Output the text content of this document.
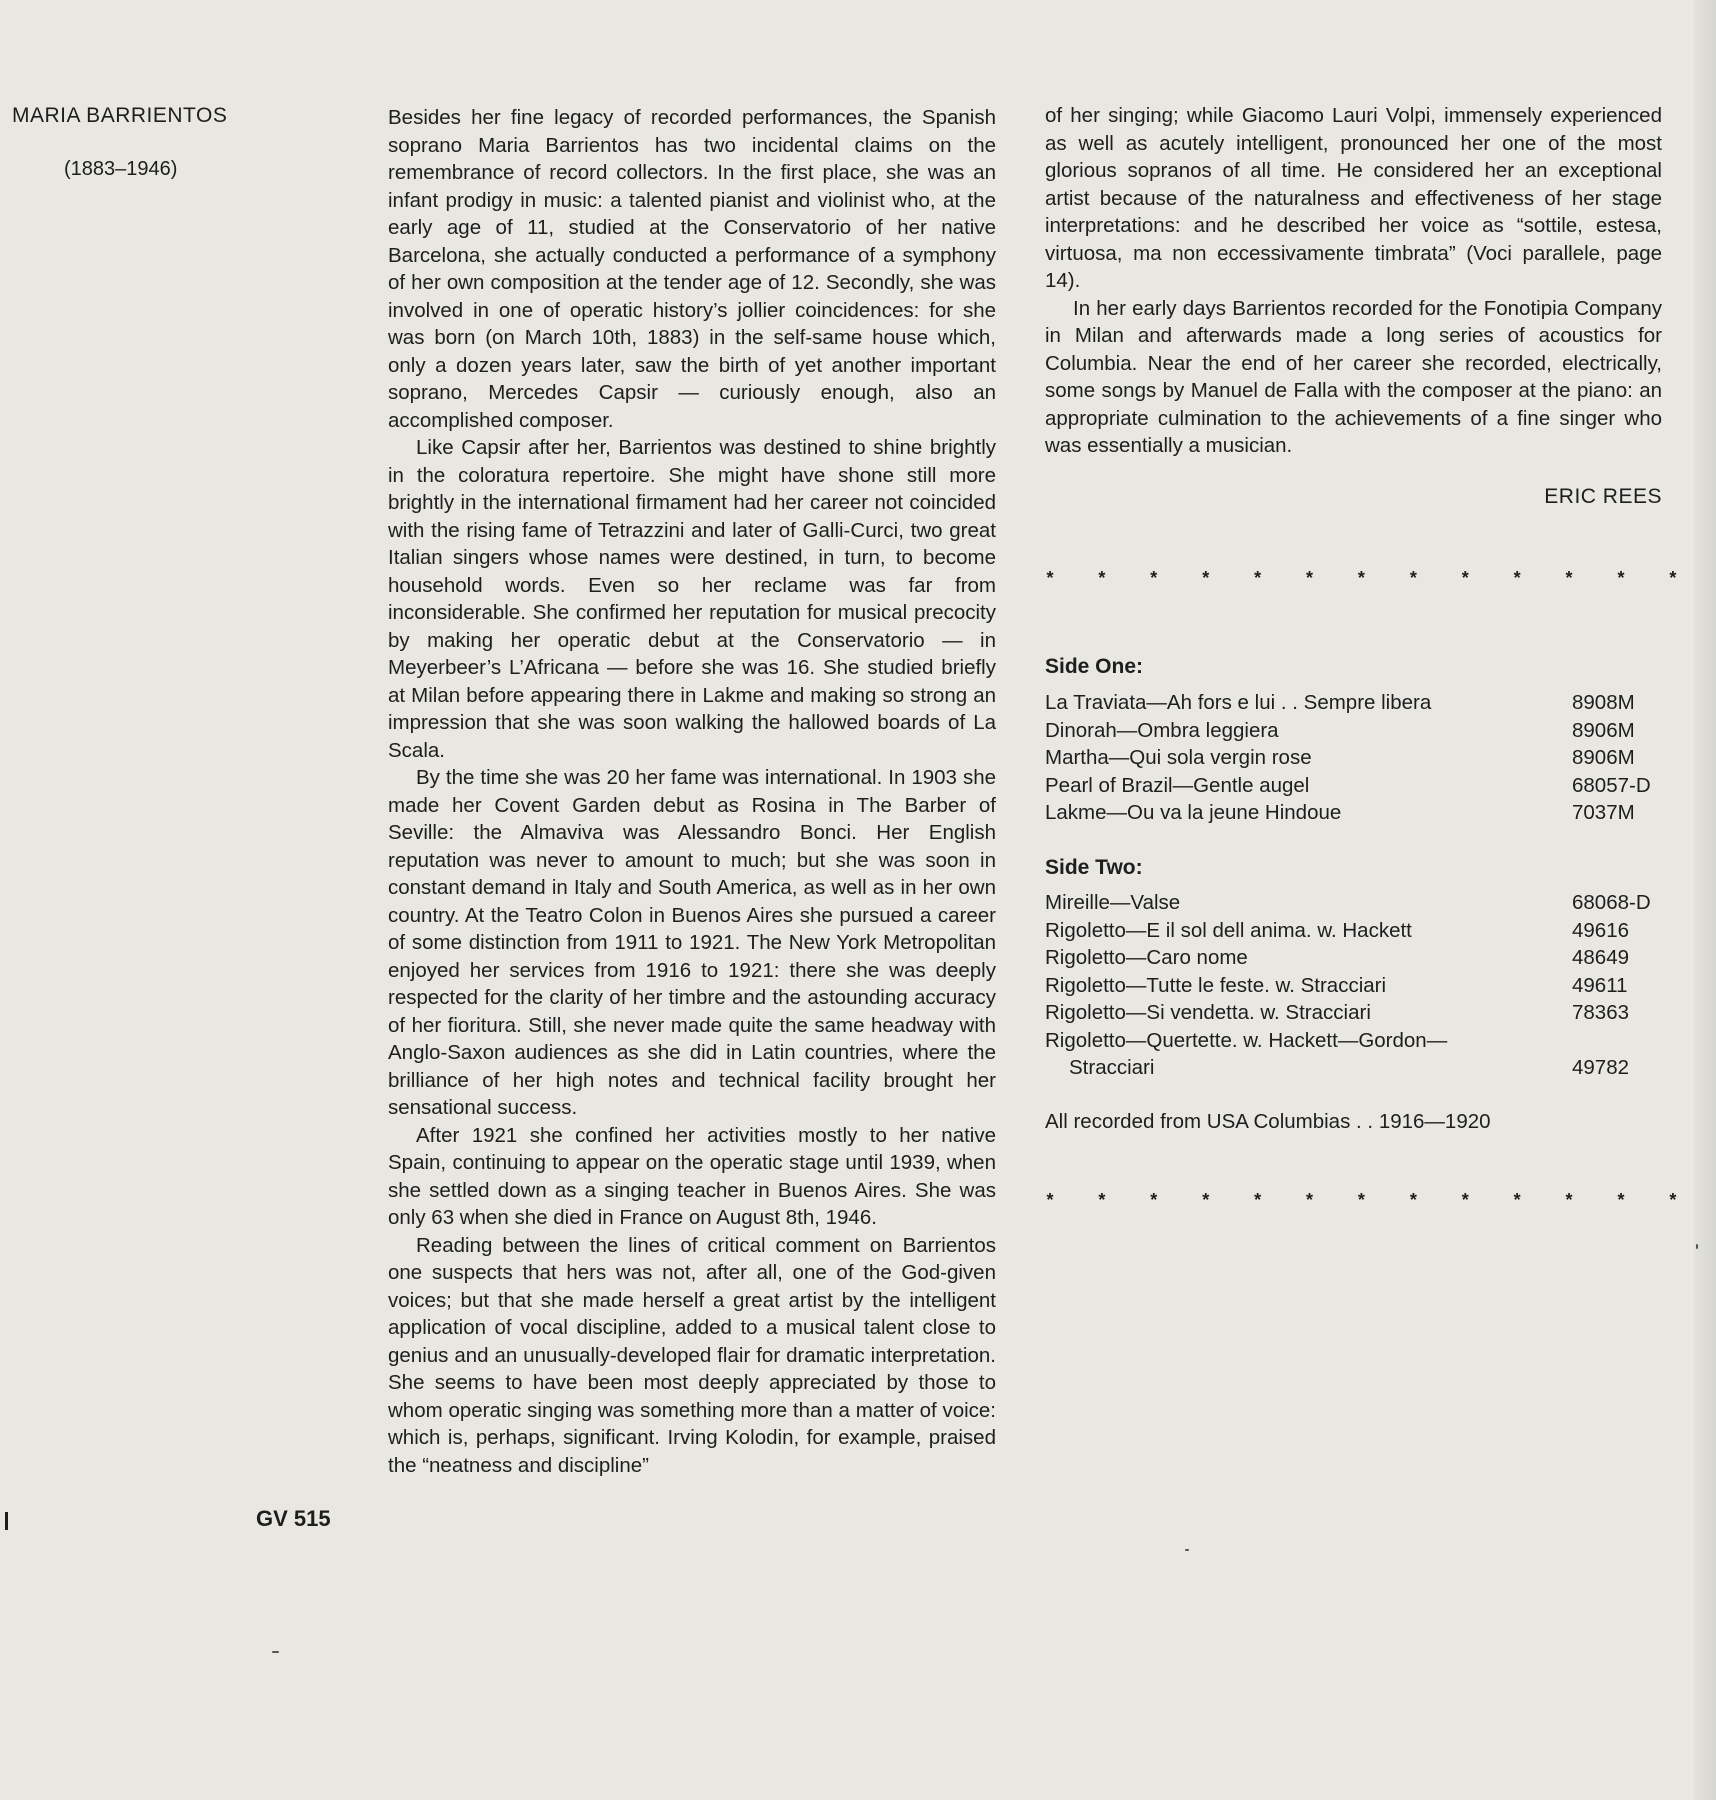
MARIA BARRIENTOS
(1883–1946)
GV 515

Besides her fine legacy of recorded performances, the Spanish soprano Maria Barrientos has two incidental claims on the remembrance of record collectors. In the first place, she was an infant prodigy in music: a talented pianist and violinist who, at the early age of 11, studied at the Conservatorio of her native Barcelona, she actually conducted a performance of a symphony of her own composition at the tender age of 12. Secondly, she was involved in one of operatic history’s jollier coincidences: for she was born (on March 10th, 1883) in the self-same house which, only a dozen years later, saw the birth of yet another important soprano, Mercedes Capsir — curiously enough, also an accomplished composer.

Like Capsir after her, Barrientos was destined to shine brightly in the coloratura repertoire. She might have shone still more brightly in the international firmament had her career not coincided with the rising fame of Tetrazzini and later of Galli-Curci, two great Italian singers whose names were destined, in turn, to become household words. Even so her reclame was far from inconsiderable. She confirmed her reputation for musical precocity by making her operatic debut at the Conservatorio — in Meyerbeer’s L’Africana — before she was 16. She studied briefly at Milan before appearing there in Lakme and making so strong an impression that she was soon walking the hallowed boards of La Scala.

By the time she was 20 her fame was international. In 1903 she made her Covent Garden debut as Rosina in The Barber of Seville: the Almaviva was Alessandro Bonci. Her English reputation was never to amount to much; but she was soon in constant demand in Italy and South America, as well as in her own country. At the Teatro Colon in Buenos Aires she pursued a career of some distinction from 1911 to 1921. The New York Metropolitan enjoyed her services from 1916 to 1921: there she was deeply respected for the clarity of her timbre and the astounding accuracy of her fioritura. Still, she never made quite the same headway with Anglo-Saxon audiences as she did in Latin countries, where the brilliance of her high notes and technical facility brought her sensational success.

After 1921 she confined her activities mostly to her native Spain, continuing to appear on the operatic stage until 1939, when she settled down as a singing teacher in Buenos Aires. She was only 63 when she died in France on August 8th, 1946.

Reading between the lines of critical comment on Barrientos one suspects that hers was not, after all, one of the God-given voices; but that she made herself a great artist by the intelligent application of vocal discipline, added to a musical talent close to genius and an unusually-developed flair for dramatic interpretation. She seems to have been most deeply appreciated by those to whom operatic singing was something more than a matter of voice: which is, perhaps, significant. Irving Kolodin, for example, praised the “neatness and discipline”

of her singing; while Giacomo Lauri Volpi, immensely experienced as well as acutely intelligent, pronounced her one of the most glorious sopranos of all time. He considered her an exceptional artist because of the naturalness and effectiveness of her stage interpretations: and he described her voice as “sottile, estesa, virtuosa, ma non eccessivamente timbrata” (Voci parallele, page 14).

In her early days Barrientos recorded for the Fonotipia Company in Milan and afterwards made a long series of acoustics for Columbia. Near the end of her career she recorded, electrically, some songs by Manuel de Falla with the composer at the piano: an appropriate culmination to the achievements of a fine singer who was essentially a musician.

ERIC REES
* * * * * * * * * * * * *
Side One:
La Traviata—Ah fors e lui . . Sempre libera	8908M
Dinorah—Ombra leggiera	8906M
Martha—Qui sola vergin rose	8906M
Pearl of Brazil—Gentle augel	68057-D
Lakme—Ou va la jeune Hindoue	7037M
Side Two:
Mireille—Valse	68068-D
Rigoletto—E il sol dell anima. w. Hackett	49616
Rigoletto—Caro nome	48649
Rigoletto—Tutte le feste. w. Stracciari	49611
Rigoletto—Si vendetta. w. Stracciari	78363
Rigoletto—Quertette. w. Hackett—Gordon—
Stracciari	49782
All recorded from USA Columbias . . 1916—1920
* * * * * * * * * * * * *
